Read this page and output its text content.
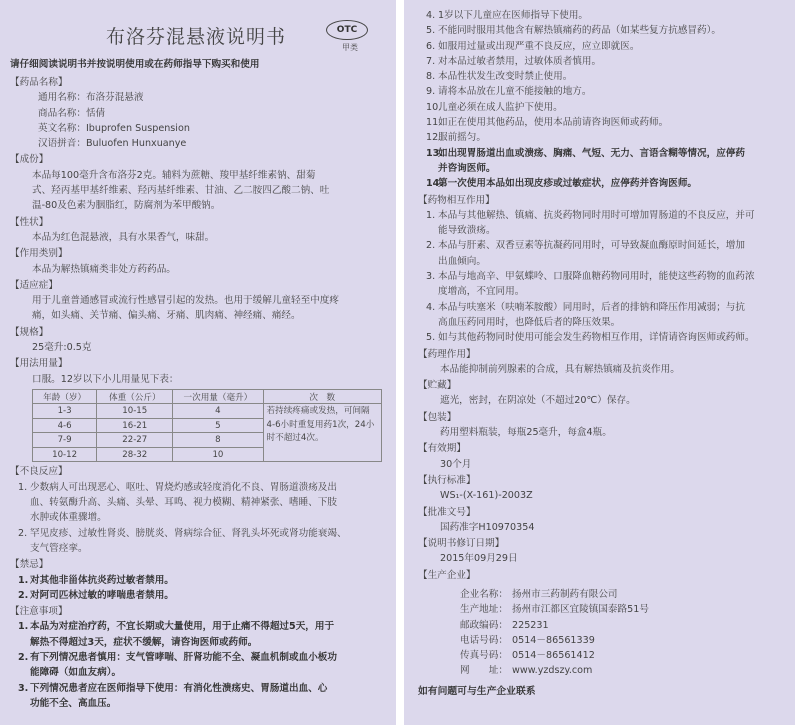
布洛芬混悬液说明书	OTC
甲类
请仔细阅读说明书并按说明使用或在药师指导下购买和使用
【药品名称】
通用名称：布洛芬混悬液
商品名称：恬倩
英文名称：Ibuprofen Suspension
汉语拼音：Buluofen Hunxuanye
【成份】
本品每100毫升含布洛芬2克。辅料为蔗糖、羧甲基纤维素钠、甜菊
式、羟丙基甲基纤维素、羟丙基纤维素、甘油、乙二胺四乙酸二钠、吐
温-80及色素为胭脂红，防腐剂为苯甲酸钠。
【性状】
本品为红色混悬液，具有水果香气，味甜。
【作用类别】
本品为解热镇痛类非处方药药品。
【适应症】
用于儿童普通感冒或流行性感冒引起的发热。也用于缓解儿童轻至中度疼
痛，如头痛、关节痛、偏头痛、牙痛、肌肉痛、神经痛、痛经。
【规格】
25毫升:0.5克
【用法用量】
口服。12岁以下小儿用量见下表：
年龄（岁）	体重（公斤）	一次用量（毫升）	次　数
1-3	10-15	4	若持续疼痛或发热，可间隔4-6小时重复用药1次，24小时不超过4次。
4-6	16-21	5	
7-9	22-27	8	
10-12	28-32	10	
【不良反应】
1. 少数病人可出现恶心、呕吐、胃烧灼感或轻度消化不良、胃肠道溃疡及出
血、转氨酶升高、头痛、头晕、耳鸣、视力模糊、精神紧张、嗜睡、下肢
水肿或体重骤增。
2. 罕见皮疹、过敏性肾炎、膀胱炎、肾病综合征、肾乳头坏死或肾功能衰竭、
支气管痉挛。
【禁忌】
1. 对其他非甾体抗炎药过敏者禁用。
2. 对阿司匹林过敏的哮喘患者禁用。
【注意事项】
1. 本品为对症治疗药，不宜长期或大量使用，用于止痛不得超过5天，用于
解热不得超过3天，症状不缓解，请咨询医师或药师。
2. 有下列情况患者慎用：支气管哮喘、肝肾功能不全、凝血机制或血小板功
能障碍（如血友病）。
3. 下列情况患者应在医师指导下使用：有消化性溃疡史、胃肠道出血、心
功能不全、高血压。
4. 1岁以下儿童应在医师指导下使用。
5. 不能同时服用其他含有解热镇痛药的药品（如某些复方抗感冒药）。
6. 如服用过量或出现严重不良反应，应立即就医。
7. 对本品过敏者禁用，过敏体质者慎用。
8. 本品性状发生改变时禁止使用。
9. 请将本品放在儿童不能接触的地方。
10.
儿童必须在成人监护下使用。
11.
如正在使用其他药品，使用本品前请咨询医师或药师。
12.
服前摇匀。
13.
如出现胃肠道出血或溃疡、胸痛、气短、无力、言语含糊等情况，应停药
并咨询医师。
14.
第一次使用本品如出现皮疹或过敏症状，应停药并咨询医师。
【药物相互作用】
1. 本品与其他解热、镇痛、抗炎药物同时用时可增加胃肠道的不良反应，并可
能导致溃疡。
2. 本品与肝素、双香豆素等抗凝药同用时，可导致凝血酶原时间延长，增加
出血倾向。
3. 本品与地高辛、甲氨蝶呤、口服降血糖药物同用时，能使这些药物的血药浓
度增高，不宜同用。
4. 本品与呋塞米（呋喃苯胺酸）同用时，后者的排钠和降压作用减弱；与抗
高血压药同用时，也降低后者的降压效果。
5. 如与其他药物同时使用可能会发生药物相互作用，详情请咨询医师或药师。
【药理作用】
本品能抑制前列腺素的合成，具有解热镇痛及抗炎作用。
【贮藏】
遮光，密封，在阴凉处（不超过20℃）保存。
【包装】
药用塑料瓶装，每瓶25毫升，每盒4瓶。
【有效期】
30个月
【执行标准】
WS₁-(X-161)-2003Z
【批准文号】
国药准字H10970354
【说明书修订日期】
2015年09月29日
【生产企业】
企业名称： 扬州市三药制药有限公司
生产地址： 扬州市江都区宜陵镇国泰路51号
邮政编码： 225231
电话号码： 0514－86561339
传真号码： 0514－86561412
网　　址： www.yzdszy.com
如有问题可与生产企业联系
